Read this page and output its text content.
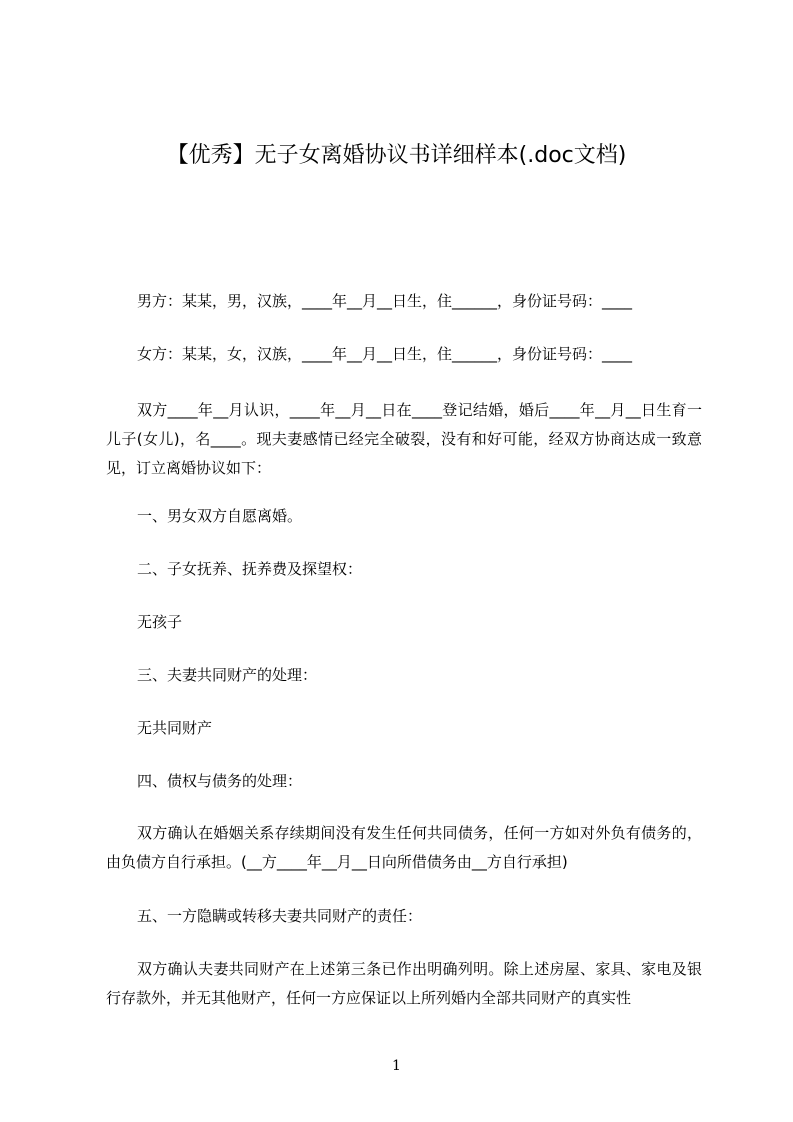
【优秀】无子女离婚协议书详细样本(.doc文档)
男方：某某，男，汉族，____年__月__日生，住______，身份证号码：____
女方：某某，女，汉族，____年__月__日生，住______，身份证号码：____
双方____年__月认识，____年__月__日在____登记结婚，婚后____年__月__日生育一儿子(女儿)，名____。现夫妻感情已经完全破裂，没有和好可能，经双方协商达成一致意见，订立离婚协议如下：
一、男女双方自愿离婚。
二、子女抚养、抚养费及探望权：
无孩子
三、夫妻共同财产的处理：
无共同财产
四、债权与债务的处理：
双方确认在婚姻关系存续期间没有发生任何共同债务，任何一方如对外负有债务的，由负债方自行承担。(__方____年__月__日向所借债务由__方自行承担)
五、一方隐瞒或转移夫妻共同财产的责任：
双方确认夫妻共同财产在上述第三条已作出明确列明。除上述房屋、家具、家电及银行存款外，并无其他财产，任何一方应保证以上所列婚内全部共同财产的真实性
1
